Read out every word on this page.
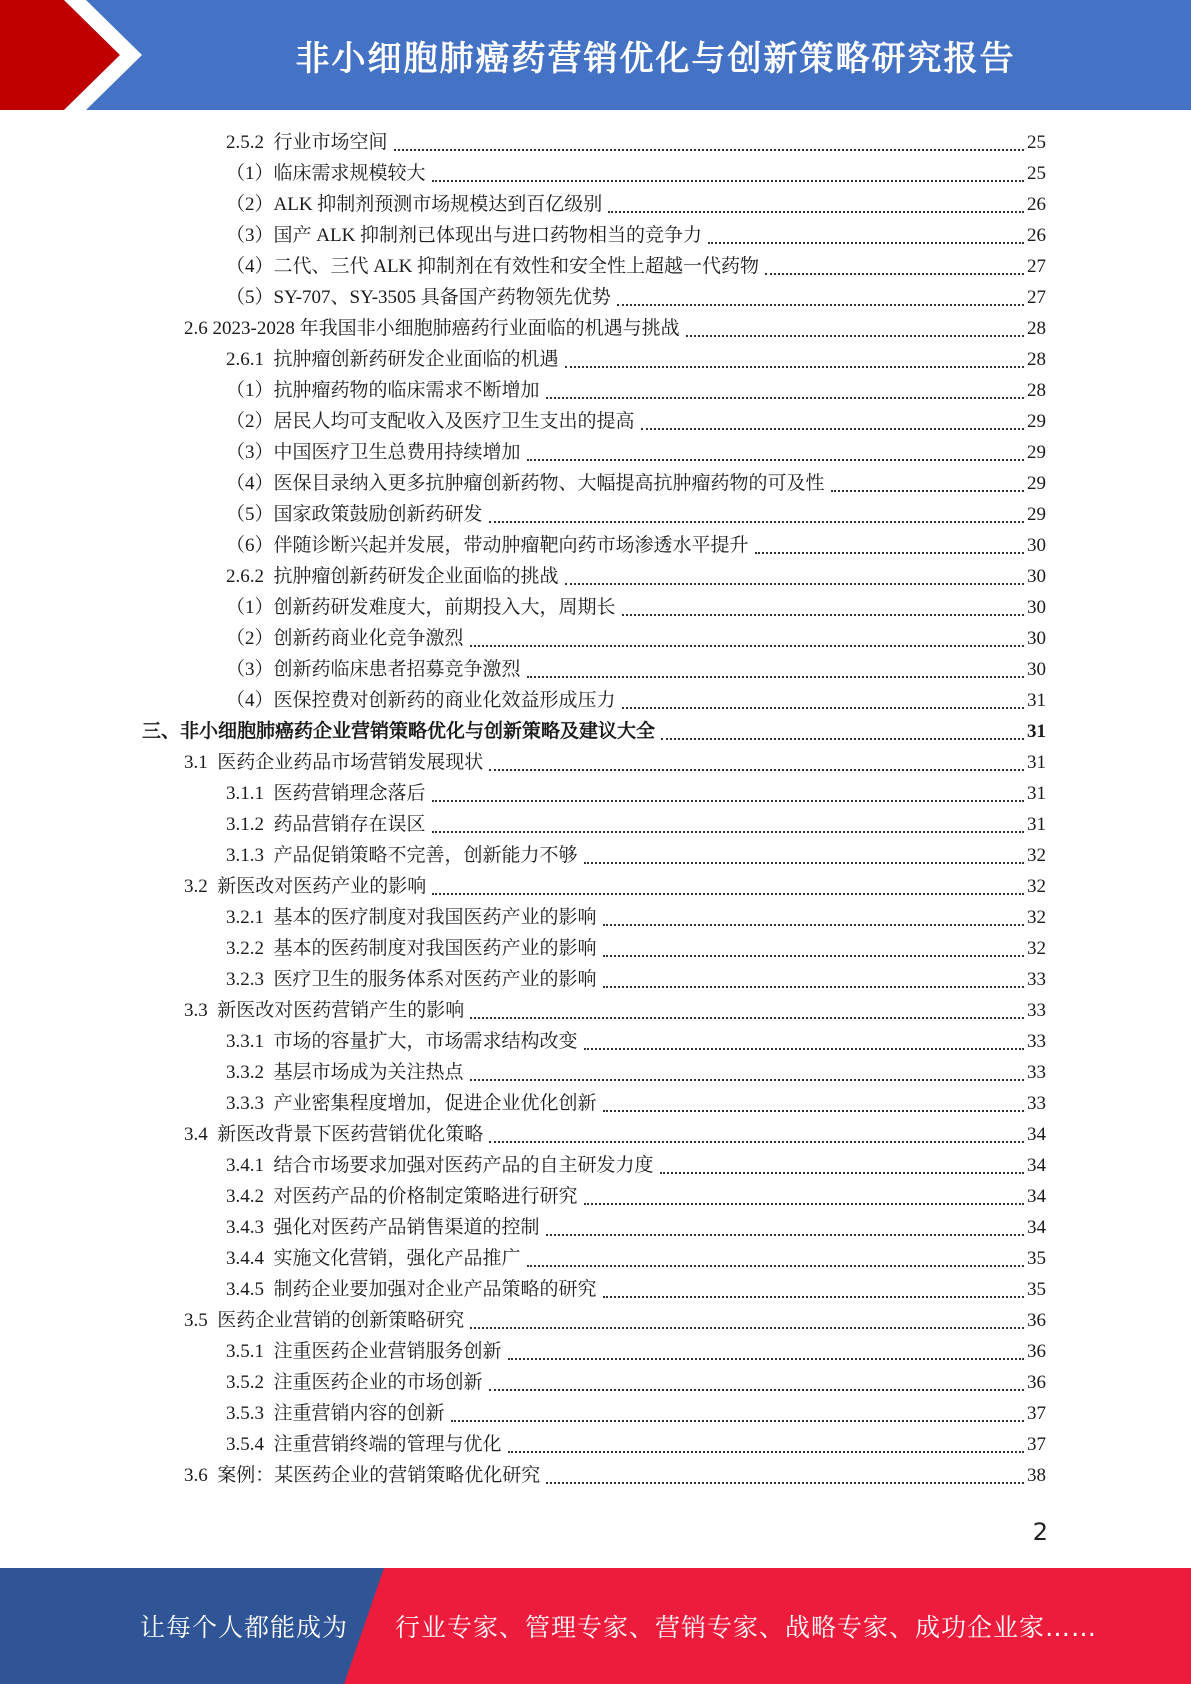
非小细胞肺癌药营销优化与创新策略研究报告
2.5.2 行业市场空间	25
（1）临床需求规模较大	25
（2）ALK 抑制剂预测市场规模达到百亿级别	26
（3）国产 ALK 抑制剂已体现出与进口药物相当的竞争力	26
（4）二代、三代 ALK 抑制剂在有效性和安全性上超越一代药物	27
（5）SY-707、SY-3505 具备国产药物领先优势	27
2.6 2023-2028 年我国非小细胞肺癌药行业面临的机遇与挑战	28
2.6.1 抗肿瘤创新药研发企业面临的机遇	28
（1）抗肿瘤药物的临床需求不断增加	28
（2）居民人均可支配收入及医疗卫生支出的提高	29
（3）中国医疗卫生总费用持续增加	29
（4）医保目录纳入更多抗肿瘤创新药物、大幅提高抗肿瘤药物的可及性	29
（5）国家政策鼓励创新药研发	29
（6）伴随诊断兴起并发展，带动肿瘤靶向药市场渗透水平提升	30
2.6.2 抗肿瘤创新药研发企业面临的挑战	30
（1）创新药研发难度大，前期投入大，周期长	30
（2）创新药商业化竞争激烈	30
（3）创新药临床患者招募竞争激烈	30
（4）医保控费对创新药的商业化效益形成压力	31
三、非小细胞肺癌药企业营销策略优化与创新策略及建议大全	31
3.1 医药企业药品市场营销发展现状	31
3.1.1 医药营销理念落后	31
3.1.2 药品营销存在误区	31
3.1.3 产品促销策略不完善，创新能力不够	32
3.2 新医改对医药产业的影响	32
3.2.1 基本的医疗制度对我国医药产业的影响	32
3.2.2 基本的医药制度对我国医药产业的影响	32
3.2.3 医疗卫生的服务体系对医药产业的影响	33
3.3 新医改对医药营销产生的影响	33
3.3.1 市场的容量扩大，市场需求结构改变	33
3.3.2 基层市场成为关注热点	33
3.3.3 产业密集程度增加，促进企业优化创新	33
3.4 新医改背景下医药营销优化策略	34
3.4.1 结合市场要求加强对医药产品的自主研发力度	34
3.4.2 对医药产品的价格制定策略进行研究	34
3.4.3 强化对医药产品销售渠道的控制	34
3.4.4 实施文化营销，强化产品推广	35
3.4.5 制药企业要加强对企业产品策略的研究	35
3.5 医药企业营销的创新策略研究	36
3.5.1 注重医药企业营销服务创新	36
3.5.2 注重医药企业的市场创新	36
3.5.3 注重营销内容的创新	37
3.5.4 注重营销终端的管理与优化	37
3.6 案例：某医药企业的营销策略优化研究	38
2
让每个人都能成为	行业专家、管理专家、营销专家、战略专家、成功企业家……
